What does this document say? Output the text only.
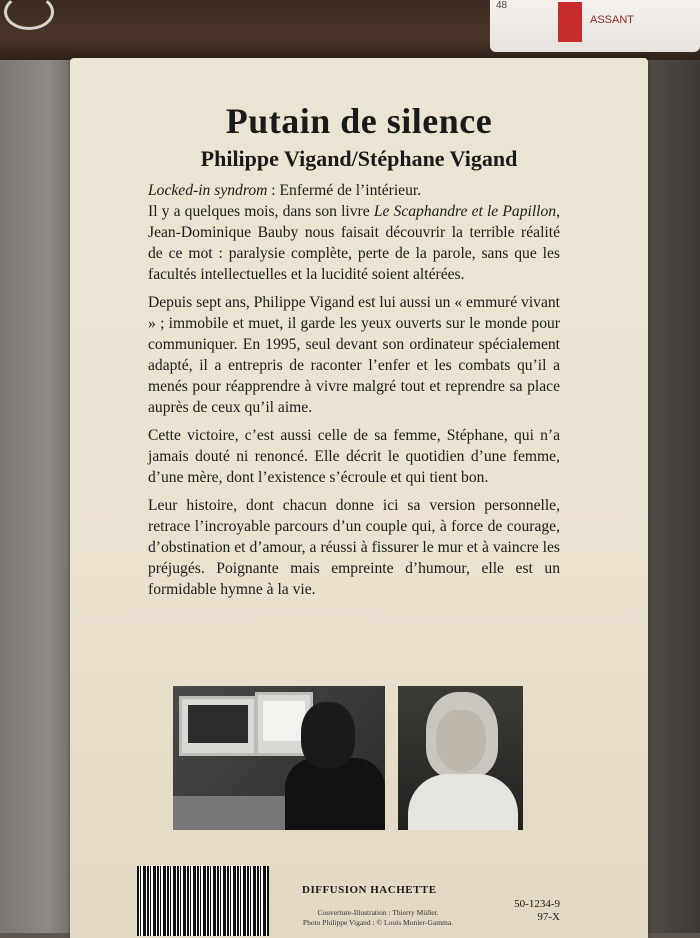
48
ASSANT
Putain de silence
Philippe Vigand/Stéphane Vigand

Locked-in syndrom : Enfermé de l’intérieur.
Il y a quelques mois, dans son livre Le Scaphandre et le Papillon, Jean-Dominique Bauby nous faisait découvrir la terrible réalité de ce mot : paralysie complète, perte de la parole, sans que les facultés intellectuelles et la lucidité soient altérées.

Depuis sept ans, Philippe Vigand est lui aussi un « emmuré vivant » ; immobile et muet, il garde les yeux ouverts sur le monde pour communiquer. En 1995, seul devant son ordinateur spécialement adapté, il a entrepris de raconter l’enfer et les combats qu’il a menés pour réapprendre à vivre malgré tout et reprendre sa place auprès de ceux qu’il aime.

Cette victoire, c’est aussi celle de sa femme, Stéphane, qui n’a jamais douté ni renoncé. Elle décrit le quotidien d’une femme, d’une mère, dont l’existence s’écroule et qui tient bon.

Leur histoire, dont chacun donne ici sa version personnelle, retrace l’incroyable parcours d’un couple qui, à force de courage, d’obstination et d’amour, a réussi à fissurer le mur et à vaincre les préjugés. Poignante mais empreinte d’humour, elle est un formidable hymne à la vie.

DIFFUSION HACHETTE
Couverture-Illustration : Thierry Müller.
Photo Philippe Vigand : © Louis Monier-Gamma.
50-1234-9
97-X
